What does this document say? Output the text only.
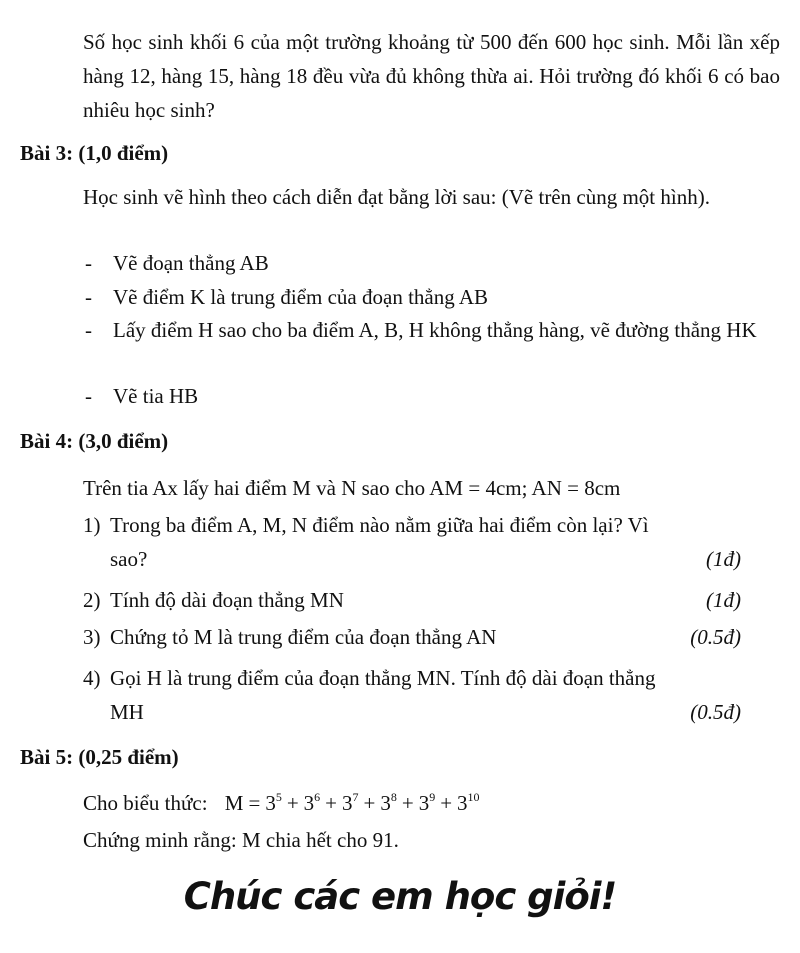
Số học sinh khối 6 của một trường khoảng từ 500 đến 600 học sinh. Mỗi lần xếp hàng 12, hàng 15, hàng 18 đều vừa đủ không thừa ai. Hỏi trường đó khối 6 có bao nhiêu học sinh?
Bài 3: (1,0 điểm)
Học sinh vẽ hình theo cách diễn đạt bằng lời sau: (Vẽ trên cùng một hình).
- Vẽ đoạn thẳng AB
- Vẽ điểm K là trung điểm của đoạn thẳng AB
- Lấy điểm H sao cho ba điểm A, B, H không thẳng hàng, vẽ đường thẳng HK
- Vẽ tia HB
Bài 4: (3,0 điểm)
Trên tia Ax lấy hai điểm M và N sao cho AM = 4cm; AN = 8cm
1) Trong ba điểm A, M, N điểm nào nằm giữa hai điểm còn lại? Vì
sao?	(1đ)
2) Tính độ dài đoạn thẳng MN	(1đ)
3) Chứng tỏ M là trung điểm của đoạn thẳng AN	(0.5đ)
4) Gọi H là trung điểm của đoạn thẳng MN. Tính độ dài đoạn thẳng
MH	(0.5đ)
Bài 5: (0,25 điểm)
Cho biểu thức: $M = 3^5 + 3^6 + 3^7 + 3^8 + 3^9 + 3^{10}$
Chứng minh rằng: M chia hết cho 91.
Chúc các em học giỏi!
